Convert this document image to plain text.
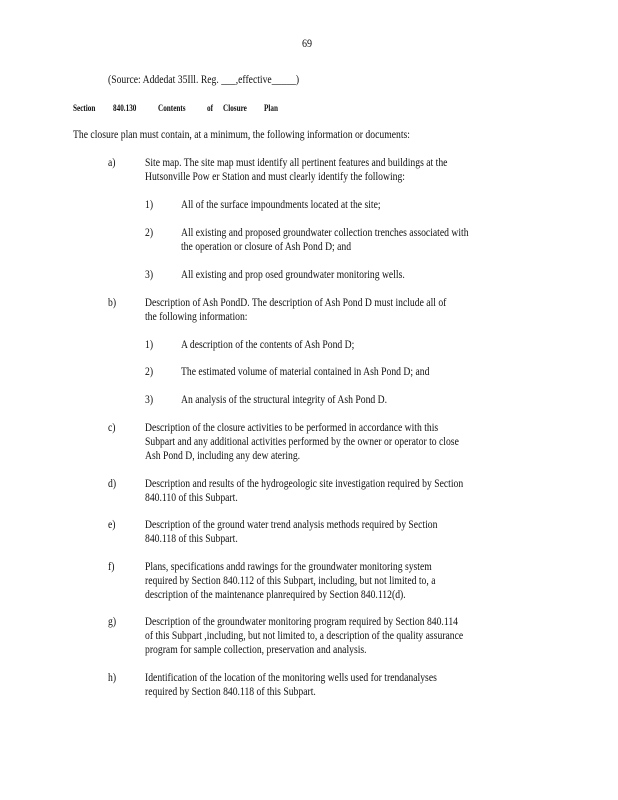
69
(Source: Addedat 35Ill. Reg. ___,effective_____)
Section 840.130 Contents of Closure Plan
The closure plan must contain, at a minimum, the following information or documents:
a)	Site map. The site map must identify all pertinent features and buildings at the
Hutsonville Pow er Station and must clearly identify the following:
1) All of the surface impoundments located at the site;
2) All existing and proposed groundwater collection trenches associated with
the operation or closure of Ash Pond D; and
3) All existing and prop osed groundwater monitoring wells.
b)	Description of Ash PondD. The description of Ash Pond D must include all of
the following information:
1) A description of the contents of Ash Pond D;
2) The estimated volume of material contained in Ash Pond D; and
3) An analysis of the structural integrity of Ash Pond D.
c)	Description of the closure activities to be performed in accordance with this
Subpart and any additional activities performed by the owner or operator to close
Ash Pond D, including any dew atering.
d)	Description and results of the hydrogeologic site investigation required by Section
840.110 of this Subpart.
e)	Description of the ground water trend analysis methods required by Section
840.118 of this Subpart.
f)	Plans, specifications andd rawings for the groundwater monitoring system
required by Section 840.112 of this Subpart, including, but not limited to, a
description of the maintenance planrequired by Section 840.112(d).
g)	Description of the groundwater monitoring program required by Section 840.114
of this Subpart ,including, but not limited to, a description of the quality assurance
program for sample collection, preservation and analysis.
h)	Identification of the location of the monitoring wells used for trendanalyses
required by Section 840.118 of this Subpart.
